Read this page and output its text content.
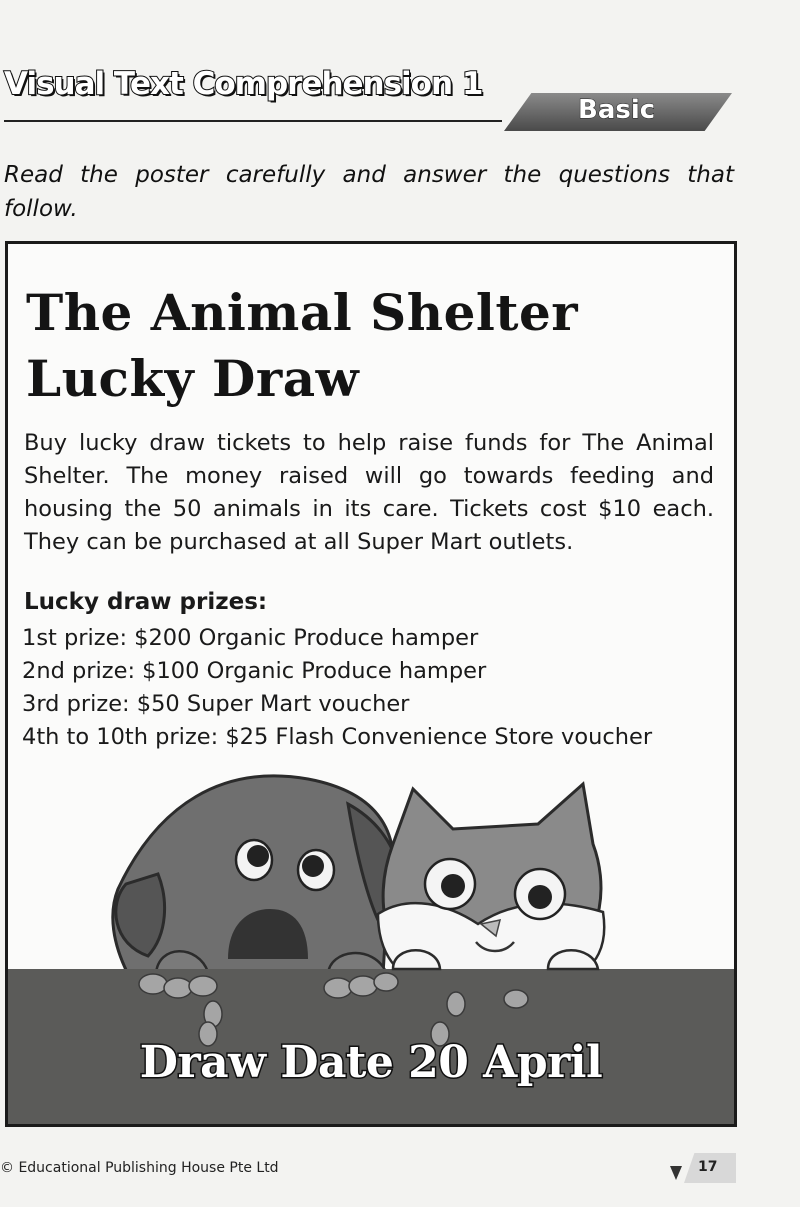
Visual Text Comprehension 1
Basic
Read the poster carefully and answer the questions that follow.
The Animal Shelter
Lucky Draw
Buy lucky draw tickets to help raise funds for The Animal Shelter. The money raised will go towards feeding and housing the 50 animals in its care. Tickets cost $10 each. They can be purchased at all Super Mart outlets.
Lucky draw prizes:
1st prize: $200 Organic Produce hamper
2nd prize: $100 Organic Produce hamper
3rd prize: $50 Super Mart voucher
4th to 10th prize: $25 Flash Convenience Store voucher
Draw Date 20 April
© Educational Publishing House Pte Ltd	17
